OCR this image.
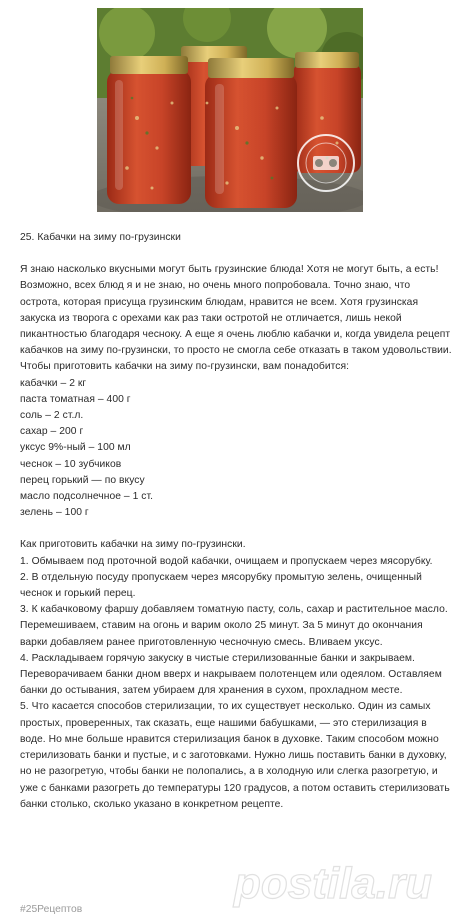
25. Кабачки на зиму по-грузински

Я знаю насколько вкусными могут быть грузинские блюда! Хотя не могут быть, а есть! Возможно, всех блюд я и не знаю, но очень много попробовала. Точно знаю, что острота, которая присуща грузинским блюдам, нравится не всем. Хотя грузинская закуска из творога с орехами как раз таки остротой не отличается, лишь некой пикантностью благодаря чесноку. А еще я очень люблю кабачки и, когда увидела рецепт кабачков на зиму по-грузински, то просто не смогла себе отказать в таком удовольствии.

Чтобы приготовить кабачки на зиму по-грузински, вам понадобится:

кабачки – 2 кг

паста томатная – 400 г

соль – 2 ст.л.

сахар – 200 г

уксус 9%-ный – 100 мл

чеснок – 10 зубчиков

перец горький — по вкусу

масло подсолнечное – 1 ст.

зелень – 100 г

Как приготовить кабачки на зиму по-грузински.

1. Обмываем под проточной водой кабачки, очищаем и пропускаем через мясорубку.

2. В отдельную посуду пропускаем через мясорубку промытую зелень, очищенный чеснок и горький перец.

3. К кабачковому фаршу добавляем томатную пасту, соль, сахар и растительное масло. Перемешиваем, ставим на огонь и варим около 25 минут. За 5 минут до окончания варки добавляем ранее приготовленную чесночную смесь. Вливаем уксус.

4. Раскладываем горячую закуску в чистые стерилизованные банки и закрываем. Переворачиваем банки дном вверх и накрываем полотенцем или одеялом. Оставляем банки до остывания, затем убираем для хранения в сухом, прохладном месте.

5. Что касается способов стерилизации, то их существует несколько. Один из самых простых, проверенных, так сказать, еще нашими бабушками, — это стерилизация в воде. Но мне больше нравится стерилизация банок в духовке. Таким способом можно стерилизовать банки и пустые, и с заготовками. Нужно лишь поставить банки в духовку, но не разогретую, чтобы банки не полопались, а в холодную или слегка разогретую, и уже с банками разогреть до температуры 120 градусов, а потом оставить стерилизовать банки столько, сколько указано в конкретном рецепте.

postila.ru
#25Рецептов
